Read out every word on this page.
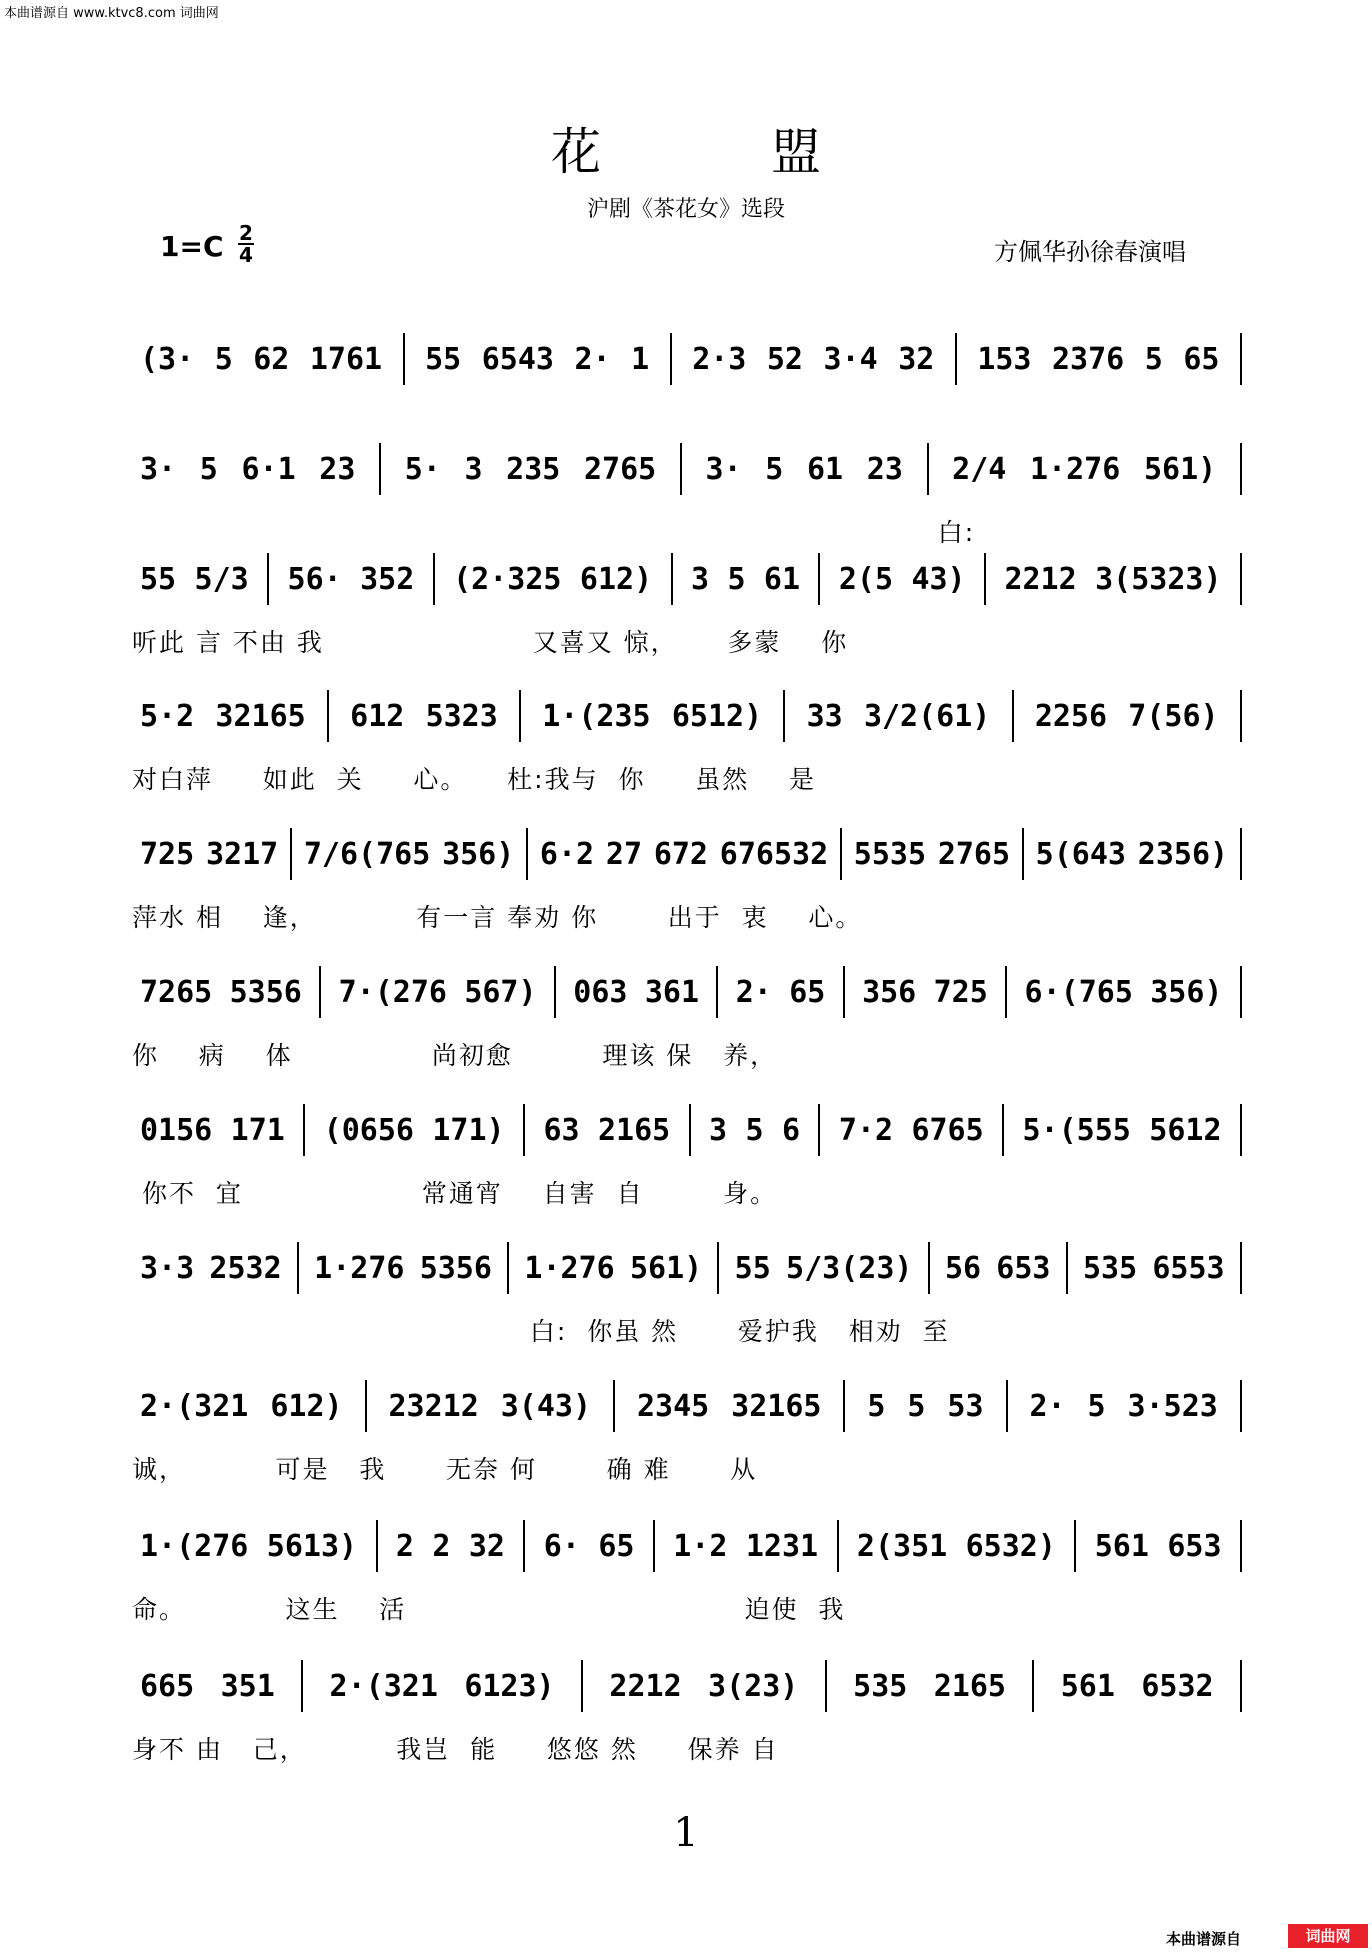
本曲谱源自 www.ktvc8.com 词曲网
花盟
沪剧《茶花女》选段
1=C 2
4	方佩华孙徐春演唱
(3· 5 62 1761 55 6543 2· 1 2·3 52 3·4 32 153 2376 5 65
3· 5 6·1 23 5· 3 235 2765 3· 5 61 23 2/4 1·276 561)
白:
55 5/3 56· 352 (2·325 612) 3 5 61 2(5 43) 2212 3(5323)
听此 言 不由 我                     又喜又 惊，     多蒙    你
5·2 32165 612 5323 1·(235 6512) 33 3/2(61) 2256 7(56)
对白萍     如此  关     心。    杜:我与  你     虽然    是
725 3217 7/6(765 356) 6·2 27 672 676532 5535 2765 5(643 2356)
萍水 相    逢，          有一言 奉劝 你       出于  衷    心。
7265 5356 7·(276 567) 063 361 2· 65 356 725 6·(765 356)
你    病    体              尚初愈         理该 保   养，
0156 171 (0656 171) 63 2165 3 5 6 7·2 6765 5·(555 5612
你不  宜                  常通宵    自害  自        身。
3·3 2532 1·276 5356 1·276 561) 55 5/3(23) 56 653 535 6553
白:  你虽 然      爱护我   相劝  至
2·(321 612) 23212 3(43) 2345 32165 5 5 53 2· 5 3·523
诚，         可是   我      无奈 何       确 难      从
1·(276 5613) 2 2 32 6· 65 1·2 1231 2(351 6532) 561 653
命。          这生    活                                  迫使  我
665 351 2·(321 6123) 2212 3(23) 535 2165 561 6532
身不 由   己，         我岂  能     悠悠 然     保养 自
1
本曲谱源自	词曲网
